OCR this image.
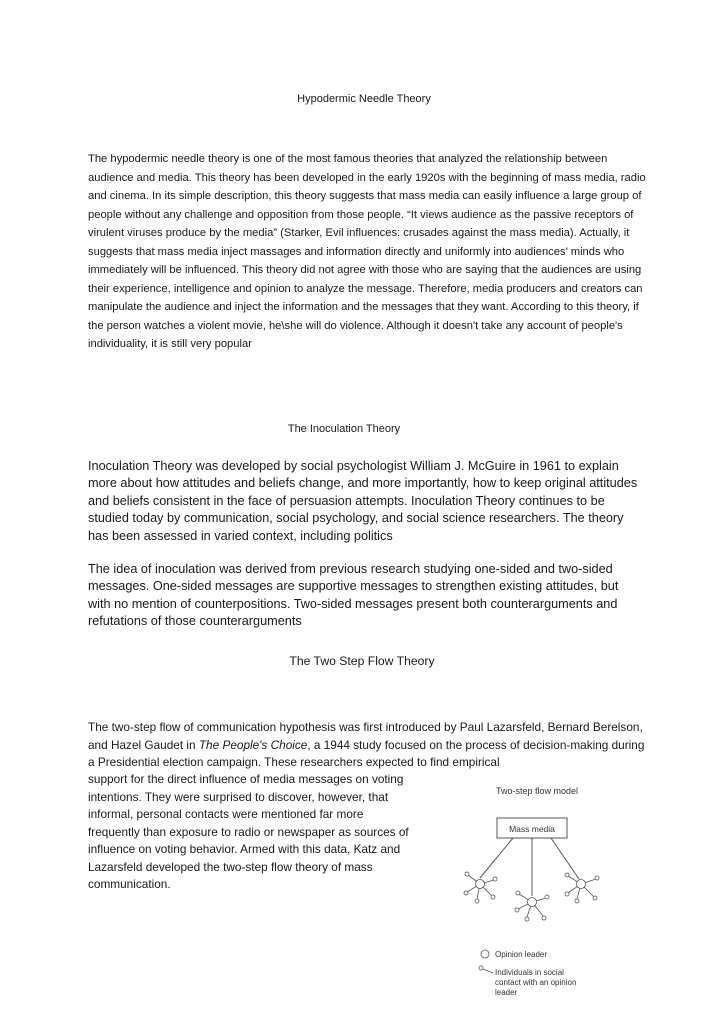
Hypodermic Needle Theory

The hypodermic needle theory is one of the most famous theories that analyzed the relationship between audience and media. This theory has been developed in the early 1920s with the beginning of mass media, radio and cinema. In its simple description, this theory suggests that mass media can easily influence a large group of people without any challenge and opposition from those people. “It views audience as the passive receptors of virulent viruses produce by the media” (Starker, Evil influences: crusades against the mass media). Actually, it suggests that mass media inject massages and information directly and uniformly into audiences’ minds who immediately will be influenced. This theory did not agree with those who are saying that the audiences are using their experience, intelligence and opinion to analyze the message. Therefore, media producers and creators can manipulate the audience and inject the information and the messages that they want. According to this theory, if the person watches a violent movie, he\she will do violence. Although it doesn't take any account of people's individuality, it is still very popular

The Inoculation Theory

Inoculation Theory was developed by social psychologist William J. McGuire in 1961 to explain more about how attitudes and beliefs change, and more importantly, how to keep original attitudes and beliefs consistent in the face of persuasion attempts. Inoculation Theory continues to be studied today by communication, social psychology, and social science researchers. The theory has been assessed in varied context, including politics

The idea of inoculation was derived from previous research studying one-sided and two-sided messages. One-sided messages are supportive messages to strengthen existing attitudes, but with no mention of counterpositions. Two-sided messages present both counterarguments and refutations of those counterarguments

The Two Step Flow Theory

The two-step flow of communication hypothesis was first introduced by Paul Lazarsfeld, Bernard Berelson, and Hazel Gaudet in The People's Choice, a 1944 study focused on the process of decision-making during a Presidential election campaign. These researchers expected to find empirical

support for the direct influence of media messages on voting
intentions. They were surprised to discover, however, that
informal, personal contacts were mentioned far more
frequently than exposure to radio or newspaper as sources of
influence on voting behavior. Armed with this data, Katz and
Lazarsfeld developed the two-step flow theory of mass
communication.
Two-step flow model
Mass media
Opinion leader
Individuals in social
contact with an opinion
leader
